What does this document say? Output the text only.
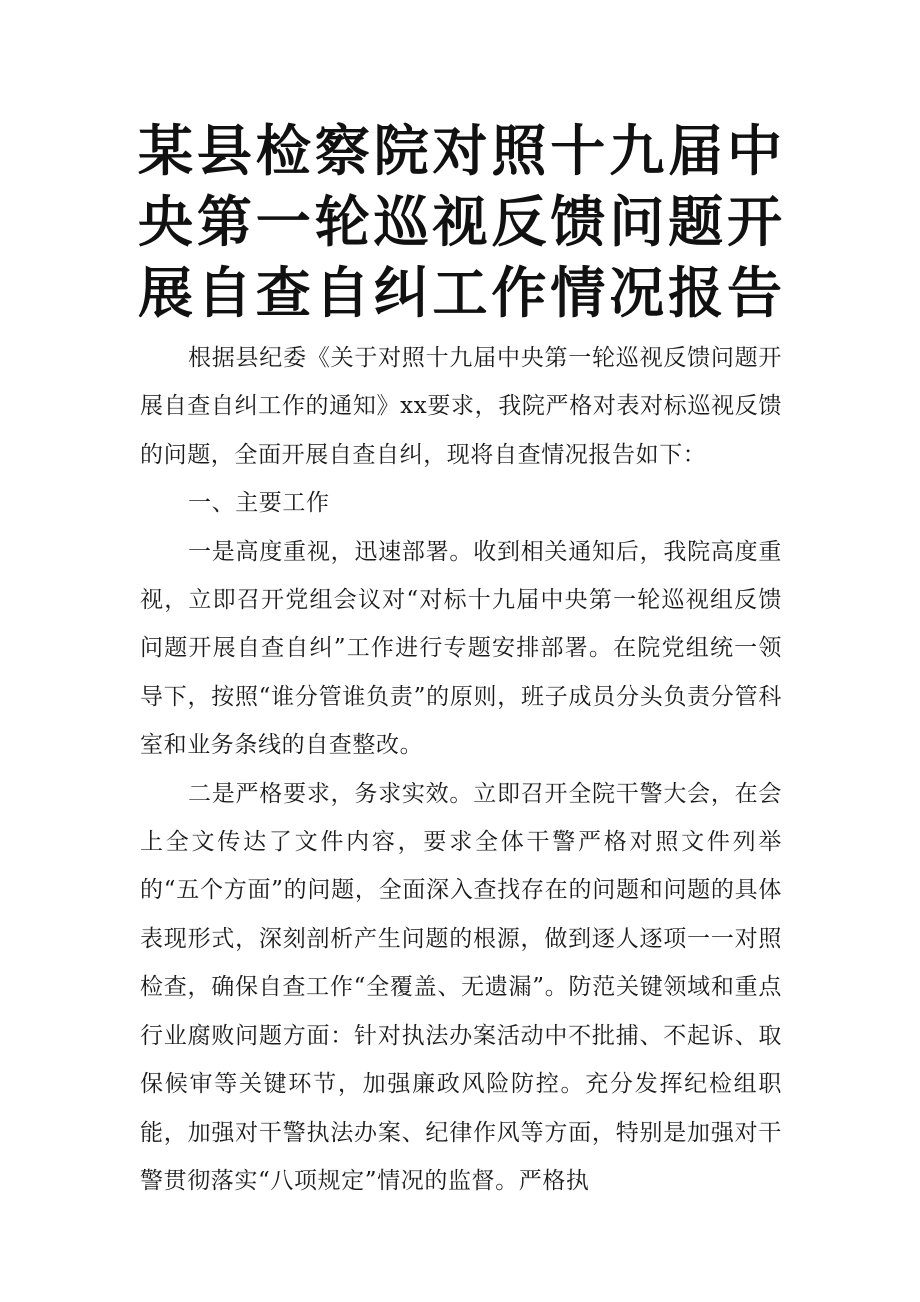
某县检察院对照十九届中
央第一轮巡视反馈问题开
展自查自纠工作情况报告

根据县纪委《关于对照十九届中央第一轮巡视反馈问题开展自查自纠工作的通知》xx要求，我院严格对表对标巡视反馈的问题，全面开展自查自纠，现将自查情况报告如下：

一、主要工作

一是高度重视，迅速部署。收到相关通知后，我院高度重视，立即召开党组会议对“对标十九届中央第一轮巡视组反馈问题开展自查自纠”工作进行专题安排部署。在院党组统一领导下，按照“谁分管谁负责”的原则，班子成员分头负责分管科室和业务条线的自查整改。

二是严格要求，务求实效。立即召开全院干警大会，在会上全文传达了文件内容，要求全体干警严格对照文件列举的“五个方面”的问题，全面深入查找存在的问题和问题的具体表现形式，深刻剖析产生问题的根源，做到逐人逐项一一对照检查，确保自查工作“全覆盖、无遗漏”。防范关键领域和重点行业腐败问题方面：针对执法办案活动中不批捕、不起诉、取保候审等关键环节，加强廉政风险防控。充分发挥纪检组职能，加强对干警执法办案、纪律作风等方面，特别是加强对干警贯彻落实“八项规定”情况的监督。严格执
